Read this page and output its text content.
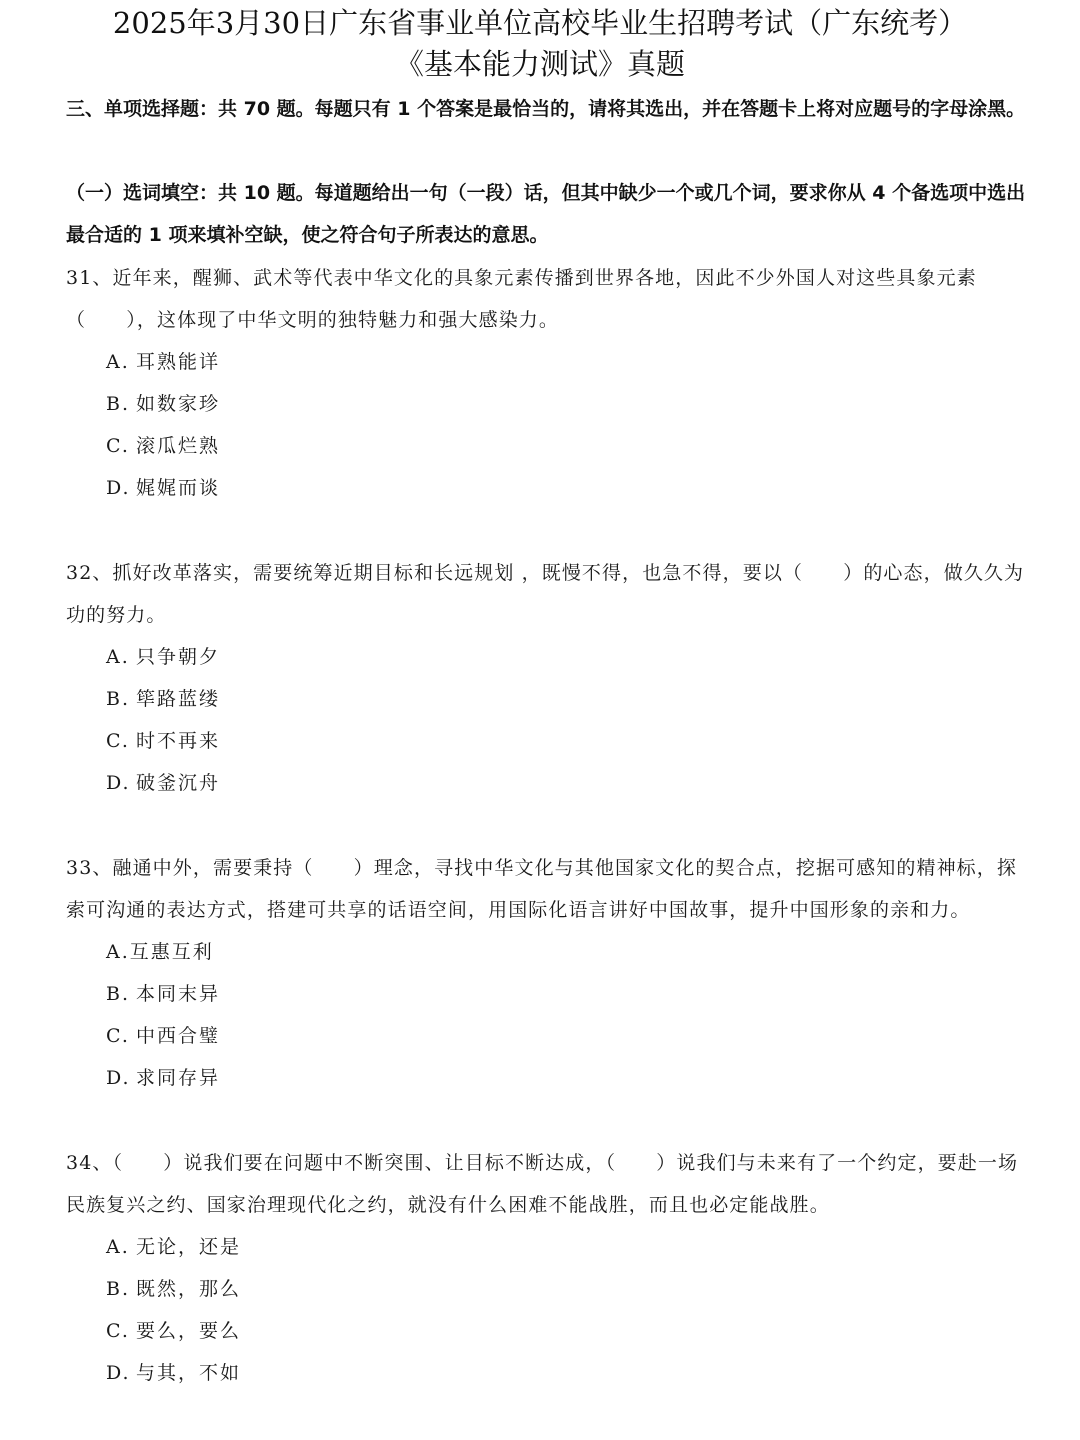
2025年3月30日广东省事业单位高校毕业生招聘考试（广东统考）
《基本能力测试》真题
三、单项选择题：共 70 题。每题只有 1 个答案是最恰当的，请将其选出，并在答题卡上将对应题号的字母涂黑。
（一）选词填空：共 10 题。每道题给出一句（一段）话，但其中缺少一个或几个词，要求你从 4 个备选项中选出最合适的 1 项来填补空缺，使之符合句子所表达的意思。

31、近年来，醒狮、武术等代表中华文化的具象元素传播到世界各地，因此不少外国人对这些具象元素（　　），这体现了中华文明的独特魅力和强大感染力。

A. 耳熟能详
B. 如数家珍
C. 滚瓜烂熟
D. 娓娓而谈

32、抓好改革落实，需要统筹近期目标和长远规划 ，既慢不得，也急不得，要以（　　）的心态，做久久为功的努力。

A. 只争朝夕
B. 筚路蓝缕
C. 时不再来
D. 破釜沉舟

33、融通中外，需要秉持（　　）理念，寻找中华文化与其他国家文化的契合点，挖据可感知的精神标，探索可沟通的表达方式，搭建可共享的话语空间，用国际化语言讲好中国故事，提升中国形象的亲和力。

A.互惠互利
B. 本同末异
C. 中西合璧
D. 求同存异

34、（　　）说我们要在问题中不断突围、让目标不断达成，（　　）说我们与未来有了一个约定，要赴一场民族复兴之约、国家治理现代化之约，就没有什么困难不能战胜，而且也必定能战胜。

A. 无论，还是
B. 既然，那么
C. 要么，要么
D. 与其，不如
